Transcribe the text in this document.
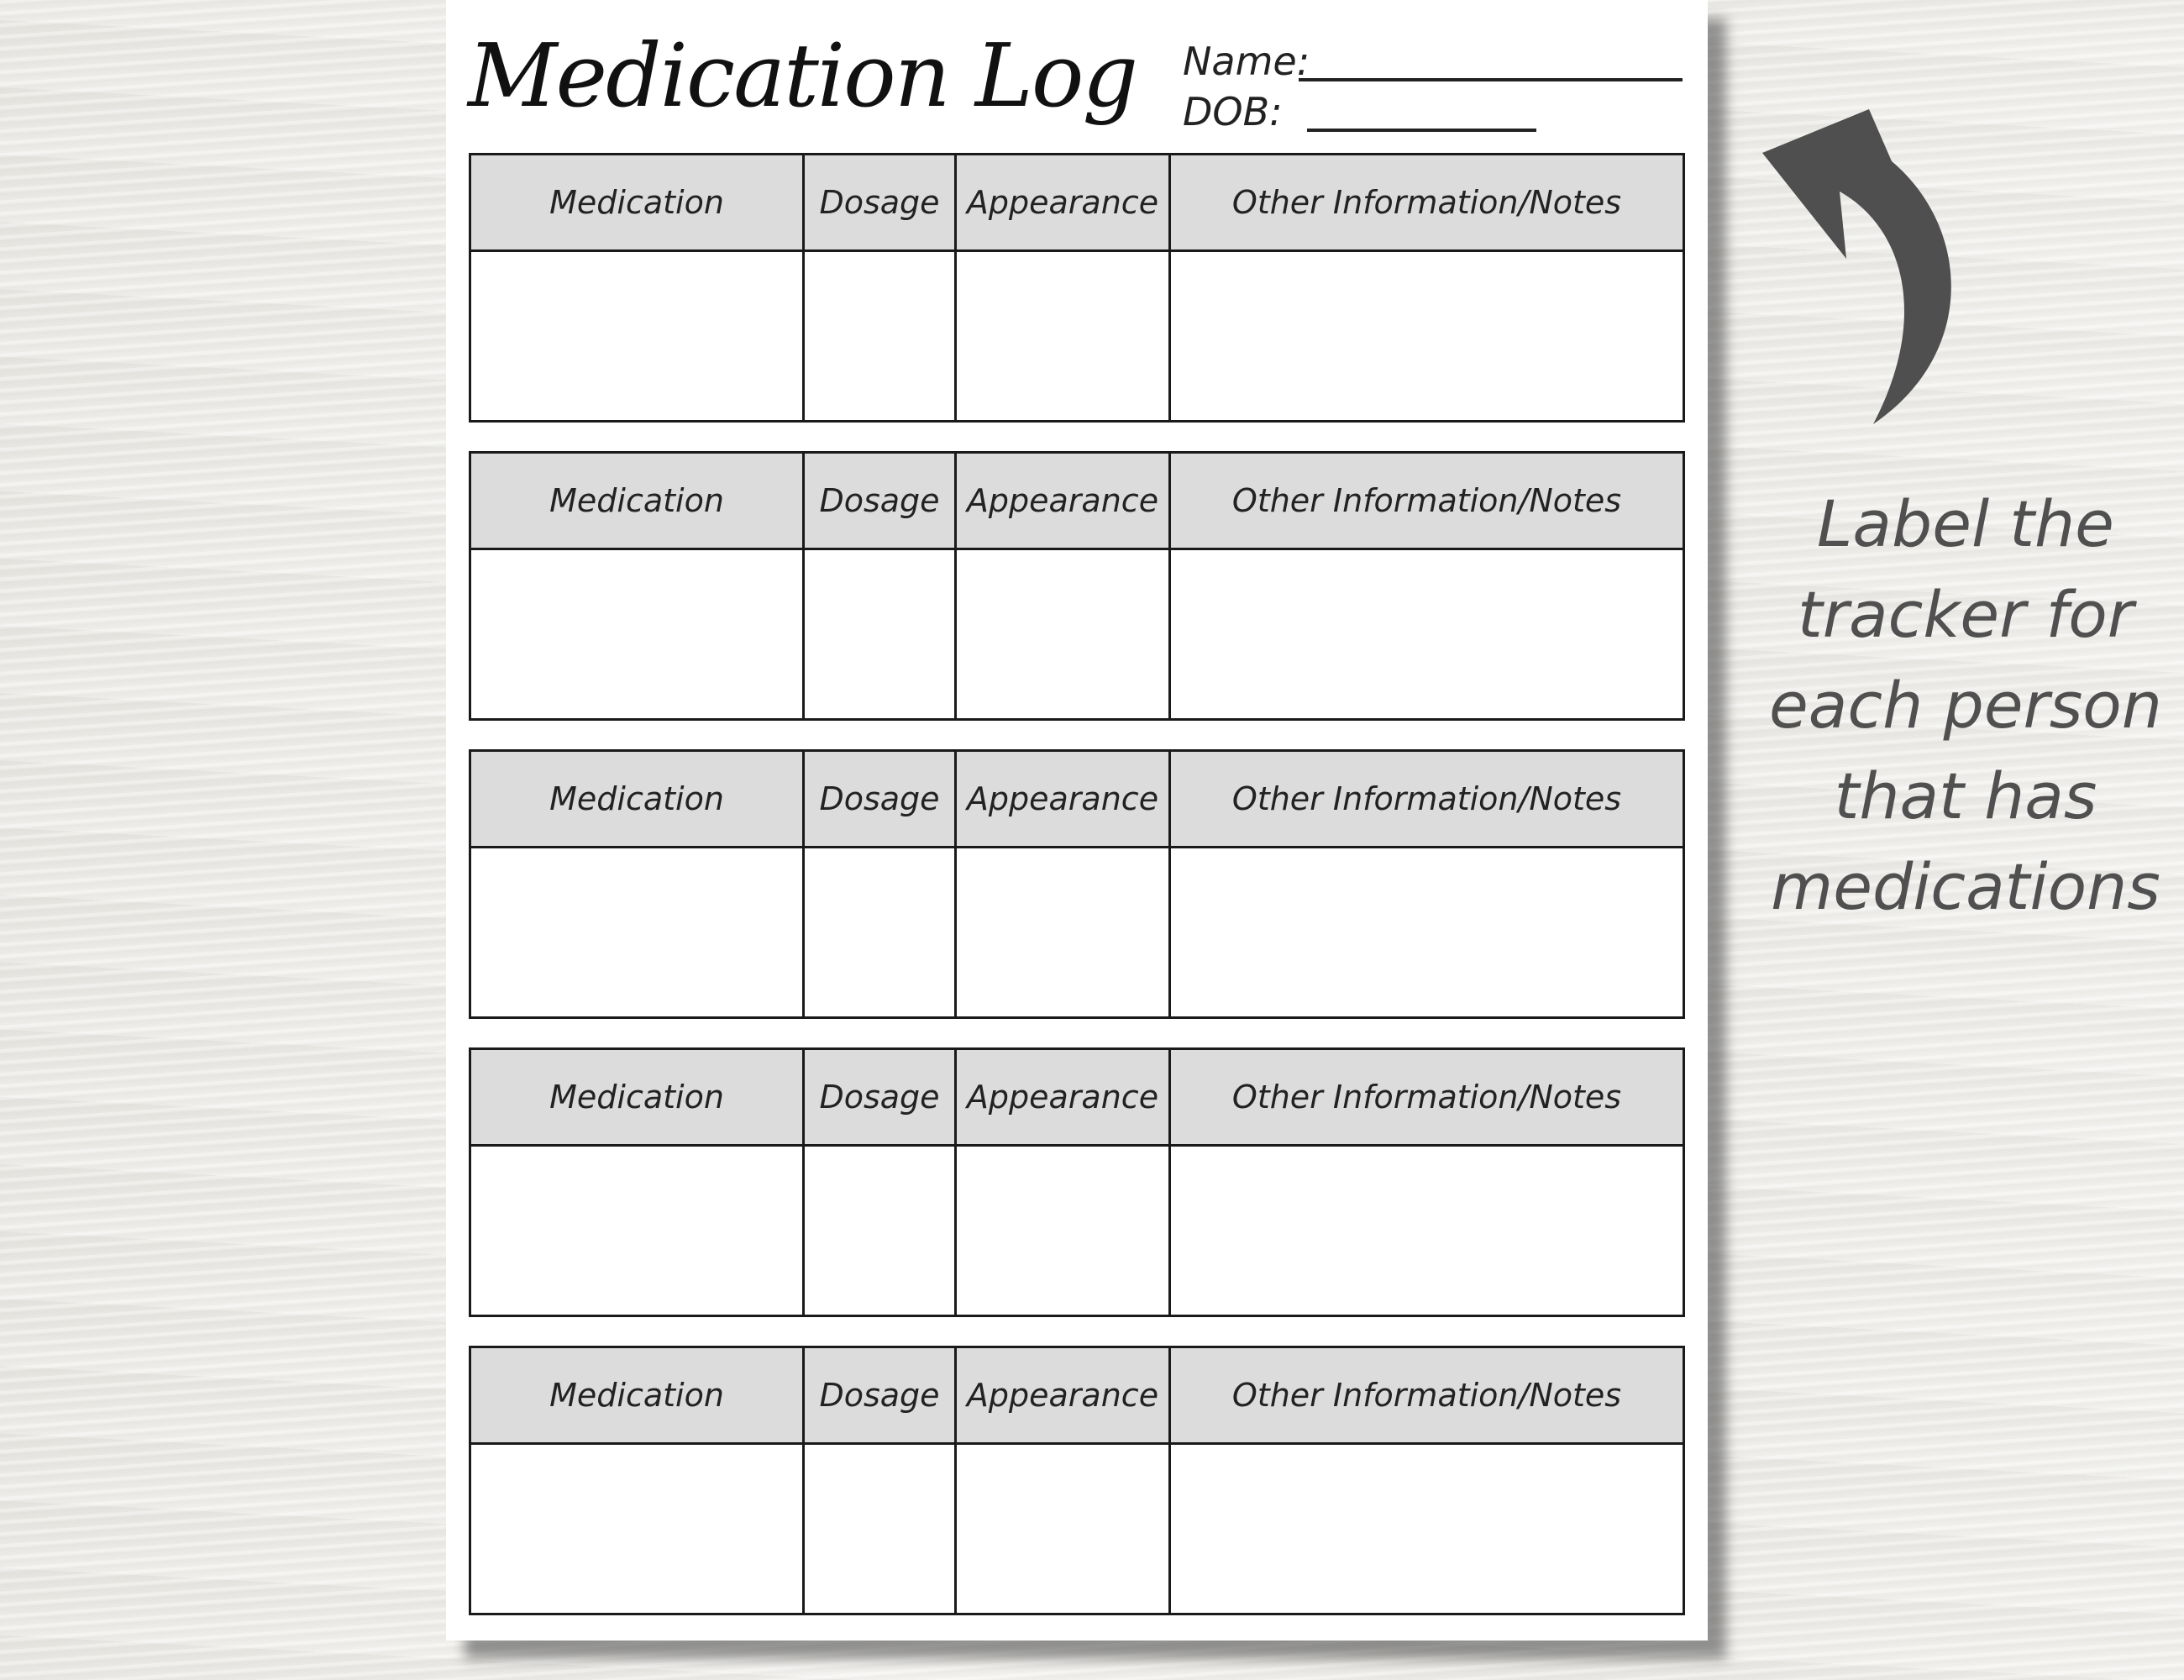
Medication Log Name:
DOB:
Medication	Dosage	Appearance	Other Information/Notes

Medication	Dosage	Appearance	Other Information/Notes

Medication	Dosage	Appearance	Other Information/Notes

Medication	Dosage	Appearance	Other Information/Notes

Medication	Dosage	Appearance	Other Information/Notes

Label the
tracker for
each person
that has
medications
